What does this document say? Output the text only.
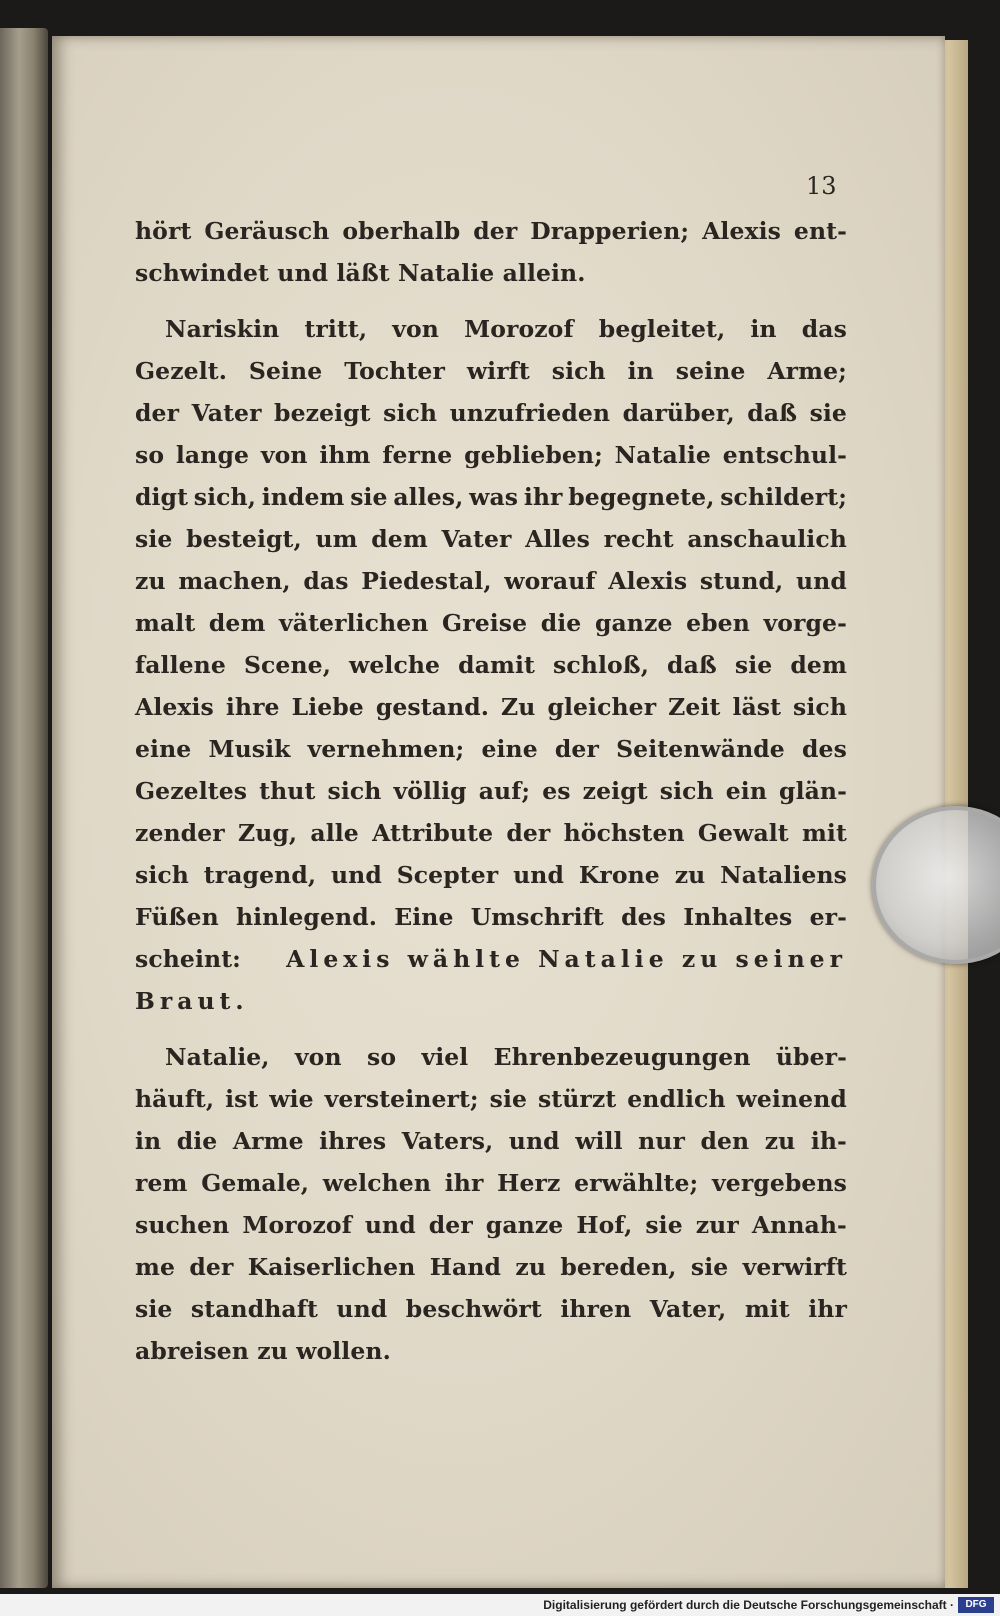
13
hört Geräusch oberhalb der Drapperien; Alexis ent-
schwindet und läßt Natalie allein.
Nariskin tritt, von Morozof begleitet, in das
Gezelt. Seine Tochter wirft sich in seine Arme;
der Vater bezeigt sich unzufrieden darüber, daß sie
so lange von ihm ferne geblieben; Natalie entschul-
digt sich, indem sie alles, was ihr begegnete, schildert;
sie besteigt, um dem Vater Alles recht anschaulich
zu machen, das Piedestal, worauf Alexis stund, und
malt dem väterlichen Greise die ganze eben vorge-
fallene Scene, welche damit schloß, daß sie dem
Alexis ihre Liebe gestand. Zu gleicher Zeit läst sich
eine Musik vernehmen; eine der Seitenwände des
Gezeltes thut sich völlig auf; es zeigt sich ein glän-
zender Zug, alle Attribute der höchsten Gewalt mit
sich tragend, und Scepter und Krone zu Nataliens
Füßen hinlegend. Eine Umschrift des Inhaltes er-
scheint: Alexis wählte Natalie zu seiner
Braut.
Natalie, von so viel Ehrenbezeugungen über-
häuft, ist wie versteinert; sie stürzt endlich weinend
in die Arme ihres Vaters, und will nur den zu ih-
rem Gemale, welchen ihr Herz erwählte; vergebens
suchen Morozof und der ganze Hof, sie zur Annah-
me der Kaiserlichen Hand zu bereden, sie verwirft
sie standhaft und beschwört ihren Vater, mit ihr
abreisen zu wollen.
Digitalisierung gefördert durch die Deutsche Forschungsgemeinschaft ·	DFG
